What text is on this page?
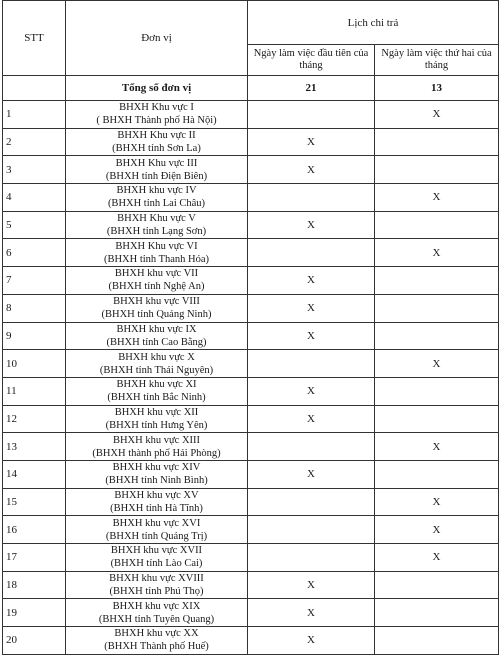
STT	Đơn vị	Lịch chi trả	
		Ngày làm việc đầu tiên của tháng	Ngày làm việc thứ hai của tháng
	Tổng số đơn vị	21	13
1	BHXH Khu vực I
( BHXH Thành phố Hà Nội)		X
2	BHXH Khu vực II
(BHXH tỉnh Sơn La)	X	
3	BHXH Khu vực III
(BHXH tỉnh Điện Biên)	X	
4	BHXH khu vực IV
(BHXH tỉnh Lai Châu)		X
5	BHXH Khu vực V
(BHXH tỉnh Lạng Sơn)	X	
6	BHXH Khu vực VI
(BHXH tỉnh Thanh Hóa)		X
7	BHXH khu vực VII
(BHXH tỉnh Nghệ An)	X	
8	BHXH khu vực VIII
(BHXH tỉnh Quảng Ninh)	X	
9	BHXH khu vực IX
(BHXH tỉnh Cao Bằng)	X	
10	BHXH khu vực X
(BHXH tỉnh Thái Nguyên)		X
11	BHXH khu vực XI
(BHXH tỉnh Bắc Ninh)	X	
12	BHXH khu vực XII
(BHXH tỉnh Hưng Yên)	X	
13	BHXH khu vực XIII
(BHXH thành phố Hải Phòng)		X
14	BHXH khu vực XIV
(BHXH tỉnh Ninh Bình)	X	
15	BHXH khu vực XV
(BHXH tỉnh Hà Tĩnh)		X
16	BHXH khu vực XVI
(BHXH tỉnh Quảng Trị)		X
17	BHXH khu vực XVII
(BHXH tỉnh Lào Cai)		X
18	BHXH khu vực XVIII
(BHXH tỉnh Phú Thọ)	X	
19	BHXH khu vực XIX
(BHXH tỉnh Tuyên Quang)	X	
20	BHXH khu vực XX
(BHXH Thành phố Huế)	X	
